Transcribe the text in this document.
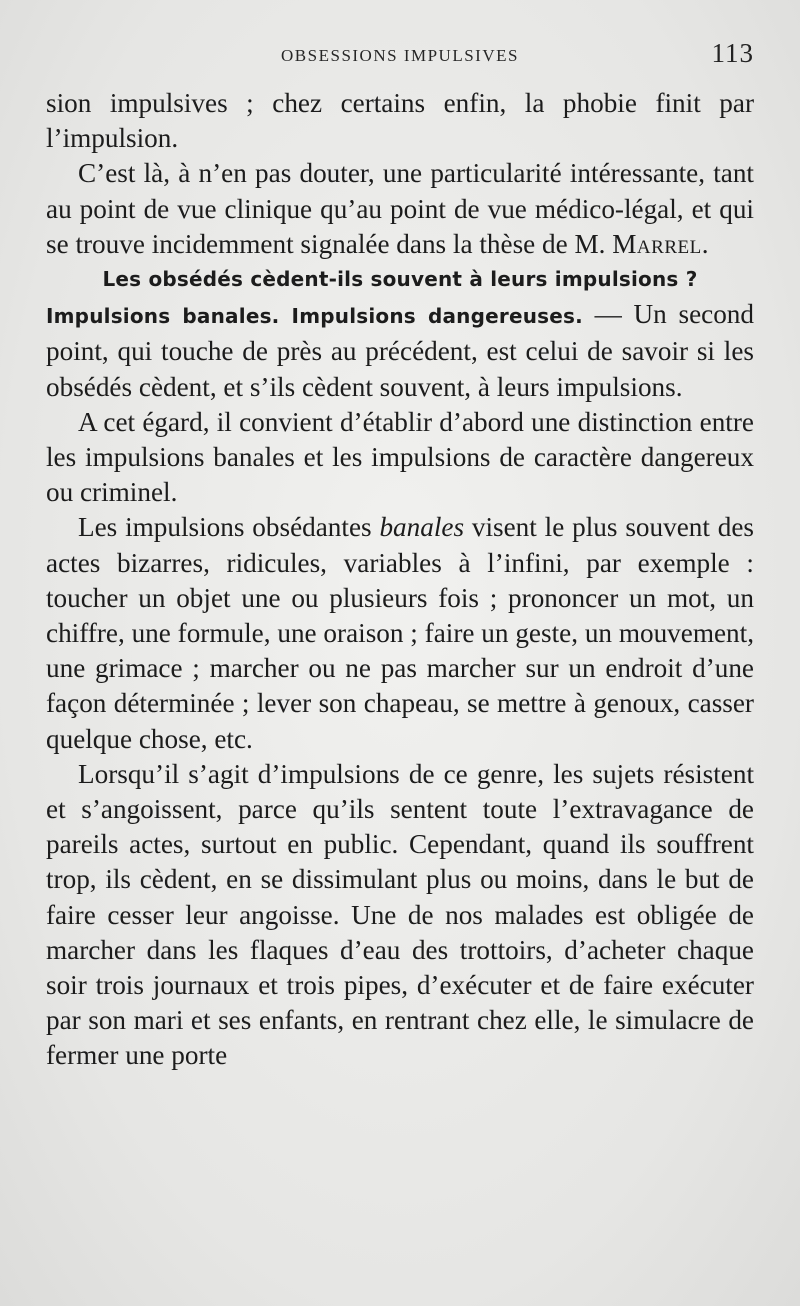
OBSESSIONS IMPULSIVES	113

sion impulsives ; chez certains enfin, la phobie finit par l’impulsion.

C’est là, à n’en pas douter, une particularité intéressante, tant au point de vue clinique qu’au point de vue médico-légal, et qui se trouve incidemment signalée dans la thèse de M. Marrel.

Les obsédés cèdent-ils souvent à leurs impulsions ?
Impulsions banales. Impulsions dangereuses. — Un second point, qui touche de près au précédent, est celui de savoir si les obsédés cèdent, et s’ils cèdent souvent, à leurs impulsions.

A cet égard, il convient d’établir d’abord une distinction entre les impulsions banales et les impulsions de caractère dangereux ou criminel.

Les impulsions obsédantes banales visent le plus souvent des actes bizarres, ridicules, variables à l’infini, par exemple : toucher un objet une ou plusieurs fois ; prononcer un mot, un chiffre, une formule, une oraison ; faire un geste, un mouvement, une grimace ; marcher ou ne pas marcher sur un endroit d’une façon déterminée ; lever son chapeau, se mettre à genoux, casser quelque chose, etc.

Lorsqu’il s’agit d’impulsions de ce genre, les sujets résistent et s’angoissent, parce qu’ils sentent toute l’extravagance de pareils actes, surtout en public. Cependant, quand ils souffrent trop, ils cèdent, en se dissimulant plus ou moins, dans le but de faire cesser leur angoisse. Une de nos malades est obligée de marcher dans les flaques d’eau des trottoirs, d’acheter chaque soir trois journaux et trois pipes, d’exécuter et de faire exécuter par son mari et ses enfants, en rentrant chez elle, le simulacre de fermer une porte
